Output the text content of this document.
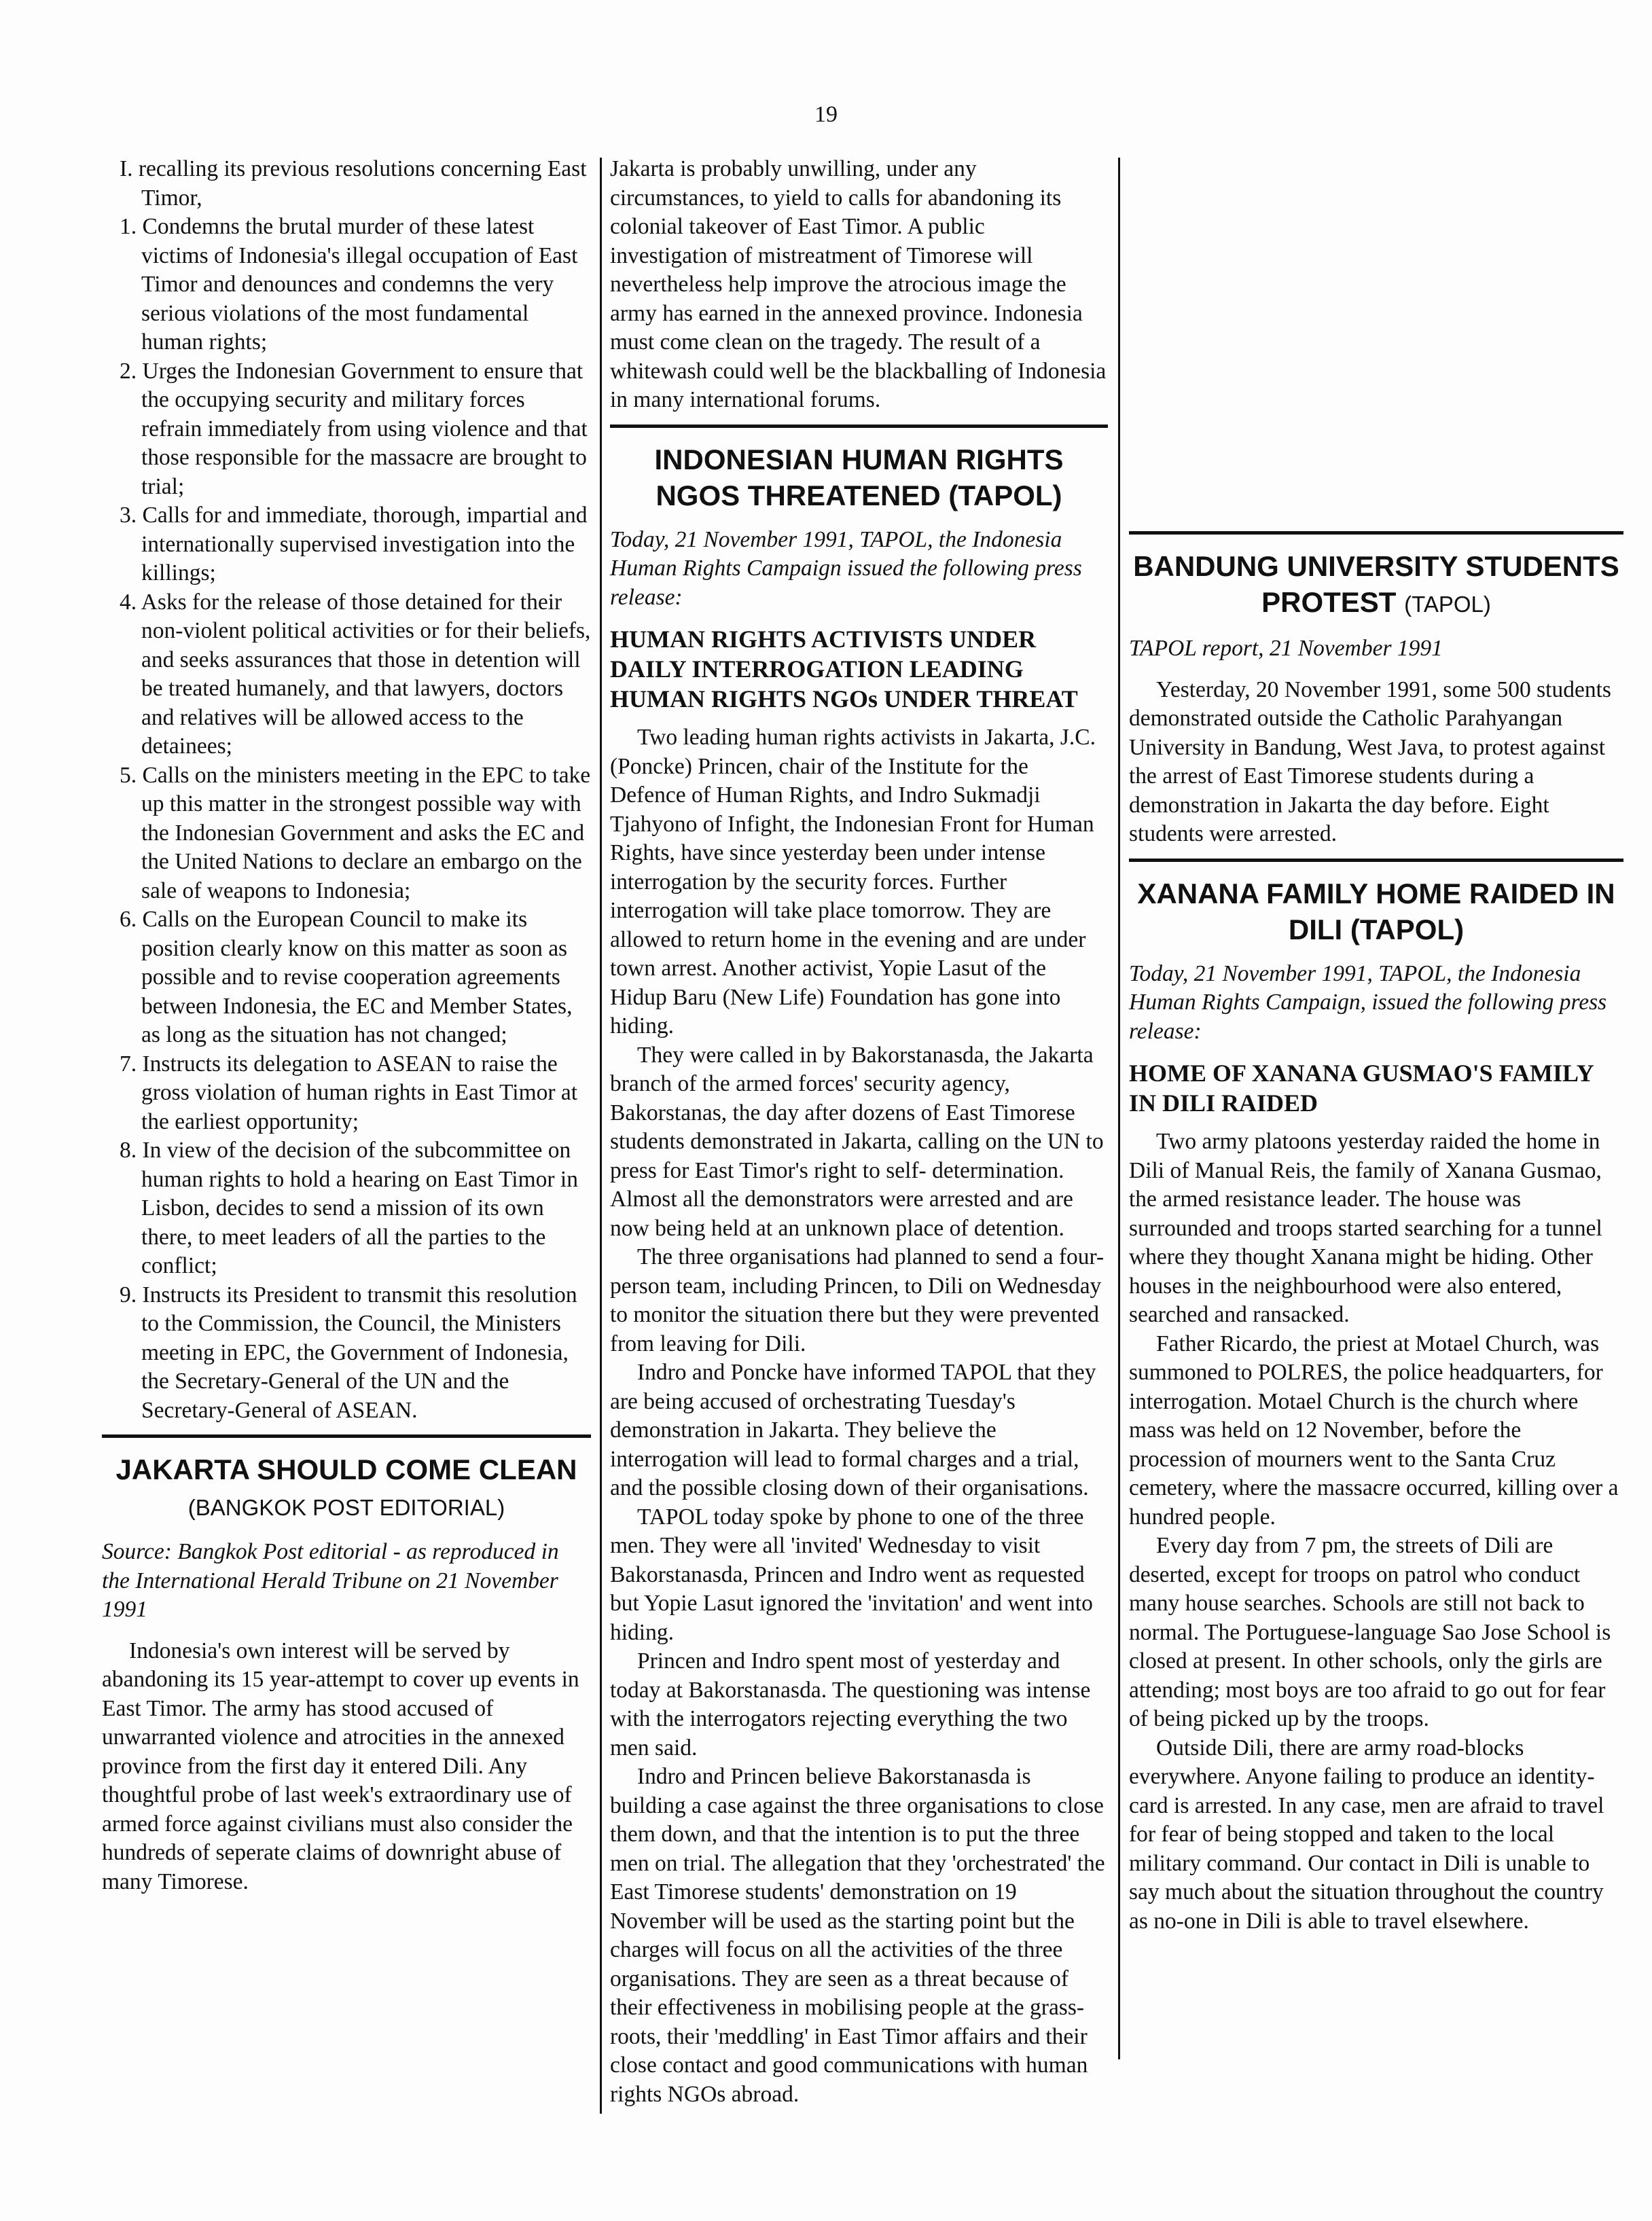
19
I. recalling its previous resolutions concerning East Timor,
1. Condemns the brutal murder of these latest victims of Indonesia's illegal occupation of East Timor and denounces and condemns the very serious violations of the most fundamental human rights;
2. Urges the Indonesian Government to ensure that the occupying security and military forces refrain immediately from using violence and that those responsible for the massacre are brought to trial;
3. Calls for and immediate, thorough, impartial and internationally supervised investigation into the killings;
4. Asks for the release of those detained for their non-violent political activities or for their beliefs, and seeks assurances that those in detention will be treated humanely, and that lawyers, doctors and relatives will be allowed access to the detainees;
5. Calls on the ministers meeting in the EPC to take up this matter in the strongest possible way with the Indonesian Government and asks the EC and the United Nations to declare an embargo on the sale of weapons to Indonesia;
6. Calls on the European Council to make its position clearly know on this matter as soon as possible and to revise cooperation agreements between Indonesia, the EC and Member States, as long as the situation has not changed;
7. Instructs its delegation to ASEAN to raise the gross violation of human rights in East Timor at the earliest opportunity;
8. In view of the decision of the subcommittee on human rights to hold a hearing on East Timor in Lisbon, decides to send a mission of its own there, to meet leaders of all the parties to the conflict;
9. Instructs its President to transmit this resolution to the Commission, the Council, the Ministers meeting in EPC, the Government of Indonesia, the Secretary-General of the UN and the Secretary-General of ASEAN.
JAKARTA SHOULD COME CLEAN (BANGKOK POST EDITORIAL)

Source: Bangkok Post editorial - as reproduced in the International Herald Tribune on 21 November 1991

Indonesia's own interest will be served by abandoning its 15 year-attempt to cover up events in East Timor. The army has stood accused of unwarranted violence and atrocities in the annexed province from the first day it entered Dili. Any thoughtful probe of last week's extraordinary use of armed force against civilians must also consider the hundreds of seperate claims of downright abuse of many Timorese.

Jakarta is probably unwilling, under any circumstances, to yield to calls for abandoning its colonial takeover of East Timor. A public investigation of mistreatment of Timorese will nevertheless help improve the atrocious image the army has earned in the annexed province. Indonesia must come clean on the tragedy. The result of a whitewash could well be the blackballing of Indonesia in many international forums.

INDONESIAN HUMAN RIGHTS NGOS THREATENED (TAPOL)

Today, 21 November 1991, TAPOL, the Indonesia Human Rights Campaign issued the following press release:

HUMAN RIGHTS ACTIVISTS UNDER DAILY INTERROGATION LEADING HUMAN RIGHTS NGOs UNDER THREAT

Two leading human rights activists in Jakarta, J.C. (Poncke) Princen, chair of the Institute for the Defence of Human Rights, and Indro Sukmadji Tjahyono of Infight, the Indonesian Front for Human Rights, have since yesterday been under intense interrogation by the security forces. Further interrogation will take place tomorrow. They are allowed to return home in the evening and are under town arrest. Another activist, Yopie Lasut of the Hidup Baru (New Life) Foundation has gone into hiding.

They were called in by Bakorstanasda, the Jakarta branch of the armed forces' security agency, Bakorstanas, the day after dozens of East Timorese students demonstrated in Jakarta, calling on the UN to press for East Timor's right to self- determination. Almost all the demonstrators were arrested and are now being held at an unknown place of detention.

The three organisations had planned to send a four-person team, including Princen, to Dili on Wednesday to monitor the situation there but they were prevented from leaving for Dili.

Indro and Poncke have informed TAPOL that they are being accused of orchestrating Tuesday's demonstration in Jakarta. They believe the interrogation will lead to formal charges and a trial, and the possible closing down of their organisations.

TAPOL today spoke by phone to one of the three men. They were all 'invited' Wednesday to visit Bakorstanasda, Princen and Indro went as requested but Yopie Lasut ignored the 'invitation' and went into hiding.

Princen and Indro spent most of yesterday and today at Bakorstanasda. The questioning was intense with the interrogators rejecting everything the two men said.

Indro and Princen believe Bakorstanasda is building a case against the three organisations to close them down, and that the intention is to put the three men on trial. The allegation that they 'orchestrated' the East Timorese students' demonstration on 19 November will be used as the starting point but the charges will focus on all the activities of the three organisations. They are seen as a threat because of their effectiveness in mobilising people at the grass-roots, their 'meddling' in East Timor affairs and their close contact and good communications with human rights NGOs abroad.

BANDUNG UNIVERSITY STUDENTS PROTEST (TAPOL)

TAPOL report, 21 November 1991

Yesterday, 20 November 1991, some 500 students demonstrated outside the Catholic Parahyangan University in Bandung, West Java, to protest against the arrest of East Timorese students during a demonstration in Jakarta the day before. Eight students were arrested.

XANANA FAMILY HOME RAIDED IN DILI (TAPOL)

Today, 21 November 1991, TAPOL, the Indonesia Human Rights Campaign, issued the following press release:

HOME OF XANANA GUSMAO'S FAMILY IN DILI RAIDED

Two army platoons yesterday raided the home in Dili of Manual Reis, the family of Xanana Gusmao, the armed resistance leader. The house was surrounded and troops started searching for a tunnel where they thought Xanana might be hiding. Other houses in the neighbourhood were also entered, searched and ransacked.

Father Ricardo, the priest at Motael Church, was summoned to POLRES, the police headquarters, for interrogation. Motael Church is the church where mass was held on 12 November, before the procession of mourners went to the Santa Cruz cemetery, where the massacre occurred, killing over a hundred people.

Every day from 7 pm, the streets of Dili are deserted, except for troops on patrol who conduct many house searches. Schools are still not back to normal. The Portuguese-language Sao Jose School is closed at present. In other schools, only the girls are attending; most boys are too afraid to go out for fear of being picked up by the troops.

Outside Dili, there are army road-blocks everywhere. Anyone failing to produce an identity-card is arrested. In any case, men are afraid to travel for fear of being stopped and taken to the local military command. Our contact in Dili is unable to say much about the situation throughout the country as no-one in Dili is able to travel elsewhere.
